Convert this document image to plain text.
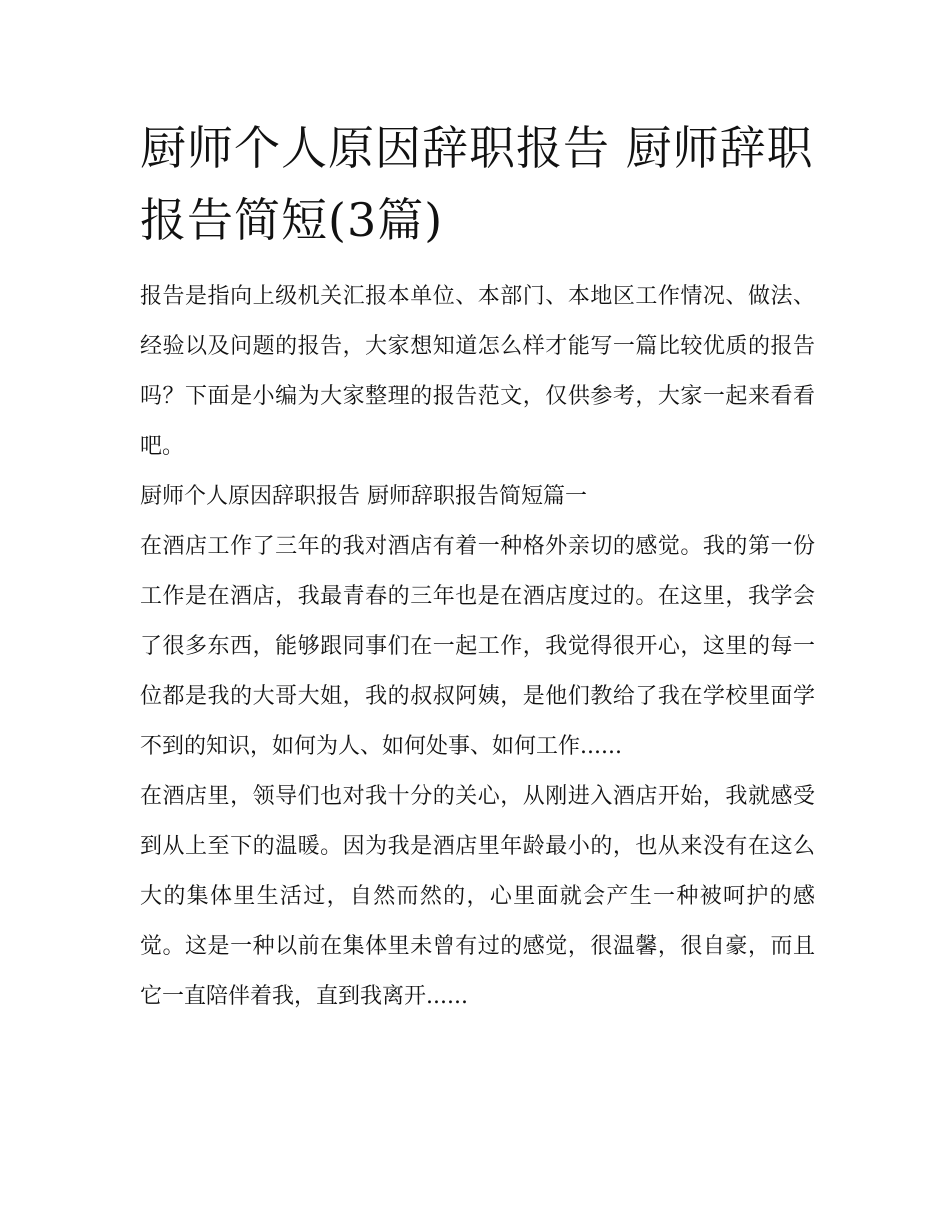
厨师个人原因辞职报告 厨师辞职报告简短(3篇)

报告是指向上级机关汇报本单位、本部门、本地区工作情况、做法、经验以及问题的报告，大家想知道怎么样才能写一篇比较优质的报告吗？下面是小编为大家整理的报告范文，仅供参考，大家一起来看看吧。

厨师个人原因辞职报告 厨师辞职报告简短篇一

在酒店工作了三年的我对酒店有着一种格外亲切的感觉。我的第一份工作是在酒店，我最青春的三年也是在酒店度过的。在这里，我学会了很多东西，能够跟同事们在一起工作，我觉得很开心，这里的每一位都是我的大哥大姐，我的叔叔阿姨，是他们教给了我在学校里面学不到的知识，如何为人、如何处事、如何工作......

在酒店里，领导们也对我十分的关心，从刚进入酒店开始，我就感受到从上至下的温暖。因为我是酒店里年龄最小的，也从来没有在这么大的集体里生活过，自然而然的，心里面就会产生一种被呵护的感觉。这是一种以前在集体里未曾有过的感觉，很温馨，很自豪，而且它一直陪伴着我，直到我离开......
